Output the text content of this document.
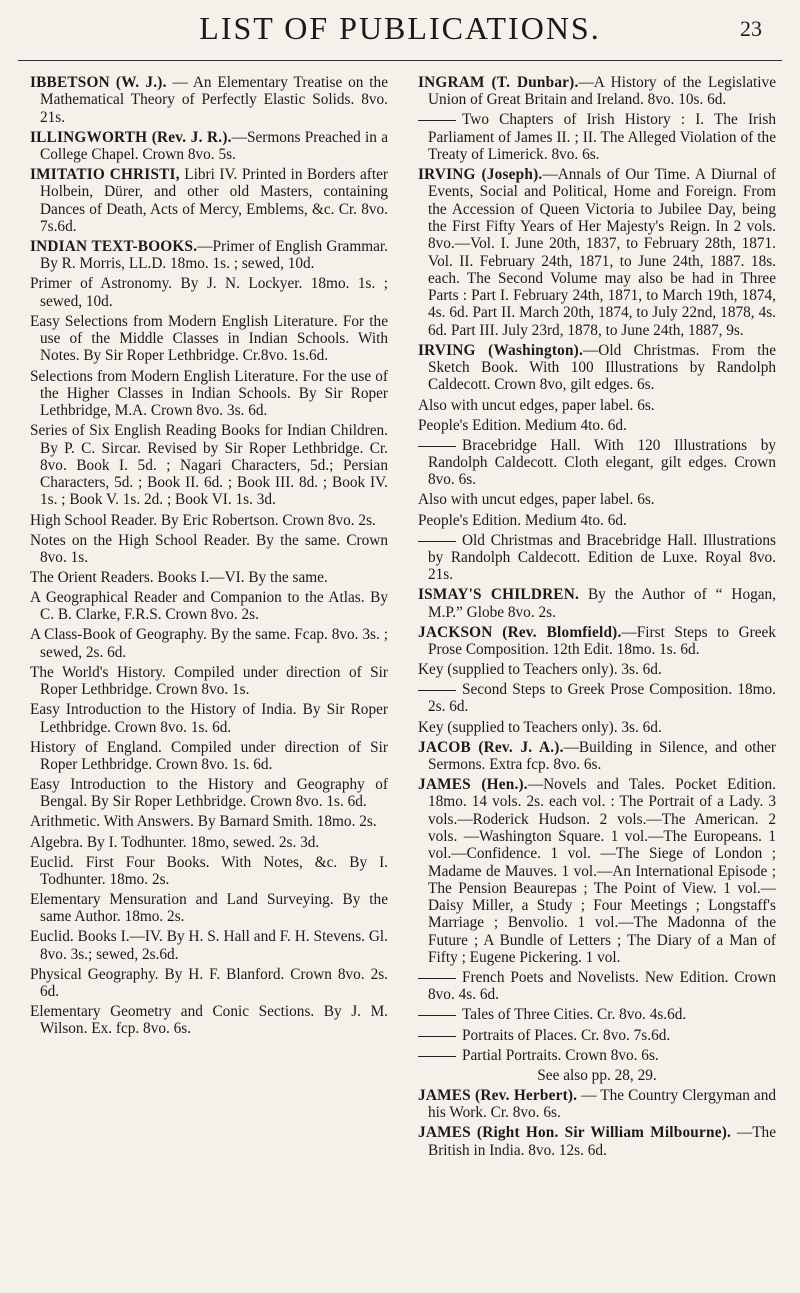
LIST OF PUBLICATIONS.	23

IBBETSON (W. J.). — An Elementary Treatise on the Mathematical Theory of Perfectly Elastic Solids. 8vo. 21s.

ILLINGWORTH (Rev. J. R.).—Sermons Preached in a College Chapel. Crown 8vo. 5s.

IMITATIO CHRISTI, Libri IV. Printed in Borders after Holbein, Dürer, and other old Masters, containing Dances of Death, Acts of Mercy, Emblems, &c. Cr. 8vo. 7s.6d.

INDIAN TEXT-BOOKS.—Primer of English Grammar. By R. Morris, LL.D. 18mo. 1s. ; sewed, 10d.

Primer of Astronomy. By J. N. Lockyer. 18mo. 1s. ; sewed, 10d.

Easy Selections from Modern English Literature. For the use of the Middle Classes in Indian Schools. With Notes. By Sir Roper Lethbridge. Cr.8vo. 1s.6d.

Selections from Modern English Literature. For the use of the Higher Classes in Indian Schools. By Sir Roper Lethbridge, M.A. Crown 8vo. 3s. 6d.

Series of Six English Reading Books for Indian Children. By P. C. Sircar. Revised by Sir Roper Lethbridge. Cr. 8vo. Book I. 5d. ; Nagari Characters, 5d.; Persian Characters, 5d. ; Book II. 6d. ; Book III. 8d. ; Book IV. 1s. ; Book V. 1s. 2d. ; Book VI. 1s. 3d.

High School Reader. By Eric Robertson. Crown 8vo. 2s.

Notes on the High School Reader. By the same. Crown 8vo. 1s.

The Orient Readers. Books I.—VI. By the same.

A Geographical Reader and Companion to the Atlas. By C. B. Clarke, F.R.S. Crown 8vo. 2s.

A Class-Book of Geography. By the same. Fcap. 8vo. 3s. ; sewed, 2s. 6d.

The World's History. Compiled under direction of Sir Roper Lethbridge. Crown 8vo. 1s.

Easy Introduction to the History of India. By Sir Roper Lethbridge. Crown 8vo. 1s. 6d.

History of England. Compiled under direction of Sir Roper Lethbridge. Crown 8vo. 1s. 6d.

Easy Introduction to the History and Geography of Bengal. By Sir Roper Lethbridge. Crown 8vo. 1s. 6d.

Arithmetic. With Answers. By Barnard Smith. 18mo. 2s.

Algebra. By I. Todhunter. 18mo, sewed. 2s. 3d.

Euclid. First Four Books. With Notes, &c. By I. Todhunter. 18mo. 2s.

Elementary Mensuration and Land Surveying. By the same Author. 18mo. 2s.

Euclid. Books I.—IV. By H. S. Hall and F. H. Stevens. Gl. 8vo. 3s.; sewed, 2s.6d.

Physical Geography. By H. F. Blanford. Crown 8vo. 2s. 6d.

Elementary Geometry and Conic Sections. By J. M. Wilson. Ex. fcp. 8vo. 6s.

INGRAM (T. Dunbar).—A History of the Legislative Union of Great Britain and Ireland. 8vo. 10s. 6d.

Two Chapters of Irish History : I. The Irish Parliament of James II. ; II. The Alleged Violation of the Treaty of Limerick. 8vo. 6s.

IRVING (Joseph).—Annals of Our Time. A Diurnal of Events, Social and Political, Home and Foreign. From the Accession of Queen Victoria to Jubilee Day, being the First Fifty Years of Her Majesty's Reign. In 2 vols. 8vo.—Vol. I. June 20th, 1837, to February 28th, 1871. Vol. II. February 24th, 1871, to June 24th, 1887. 18s. each. The Second Volume may also be had in Three Parts : Part I. February 24th, 1871, to March 19th, 1874, 4s. 6d. Part II. March 20th, 1874, to July 22nd, 1878, 4s. 6d. Part III. July 23rd, 1878, to June 24th, 1887, 9s.

IRVING (Washington).—Old Christmas. From the Sketch Book. With 100 Illustrations by Randolph Caldecott. Crown 8vo, gilt edges. 6s.

Also with uncut edges, paper label. 6s.

People's Edition. Medium 4to. 6d.

Bracebridge Hall. With 120 Illustrations by Randolph Caldecott. Cloth elegant, gilt edges. Crown 8vo. 6s.

Also with uncut edges, paper label. 6s.

People's Edition. Medium 4to. 6d.

Old Christmas and Bracebridge Hall. Illustrations by Randolph Caldecott. Edition de Luxe. Royal 8vo. 21s.

ISMAY'S CHILDREN. By the Author of “ Hogan, M.P.” Globe 8vo. 2s.

JACKSON (Rev. Blomfield).—First Steps to Greek Prose Composition. 12th Edit. 18mo. 1s. 6d.

Key (supplied to Teachers only). 3s. 6d.

Second Steps to Greek Prose Composition. 18mo. 2s. 6d.

Key (supplied to Teachers only). 3s. 6d.

JACOB (Rev. J. A.).—Building in Silence, and other Sermons. Extra fcp. 8vo. 6s.

JAMES (Hen.).—Novels and Tales. Pocket Edition. 18mo. 14 vols. 2s. each vol. : The Portrait of a Lady. 3 vols.—Roderick Hudson. 2 vols.—The American. 2 vols. —Washington Square. 1 vol.—The Europeans. 1 vol.—Confidence. 1 vol. —The Siege of London ; Madame de Mauves. 1 vol.—An International Episode ; The Pension Beaurepas ; The Point of View. 1 vol.—Daisy Miller, a Study ; Four Meetings ; Longstaff's Marriage ; Benvolio. 1 vol.—The Madonna of the Future ; A Bundle of Letters ; The Diary of a Man of Fifty ; Eugene Pickering. 1 vol.

French Poets and Novelists. New Edition. Crown 8vo. 4s. 6d.

Tales of Three Cities. Cr. 8vo. 4s.6d.

Portraits of Places. Cr. 8vo. 7s.6d.

Partial Portraits. Crown 8vo. 6s.

See also pp. 28, 29.

JAMES (Rev. Herbert). — The Country Clergyman and his Work. Cr. 8vo. 6s.

JAMES (Right Hon. Sir William Milbourne). —The British in India. 8vo. 12s. 6d.
